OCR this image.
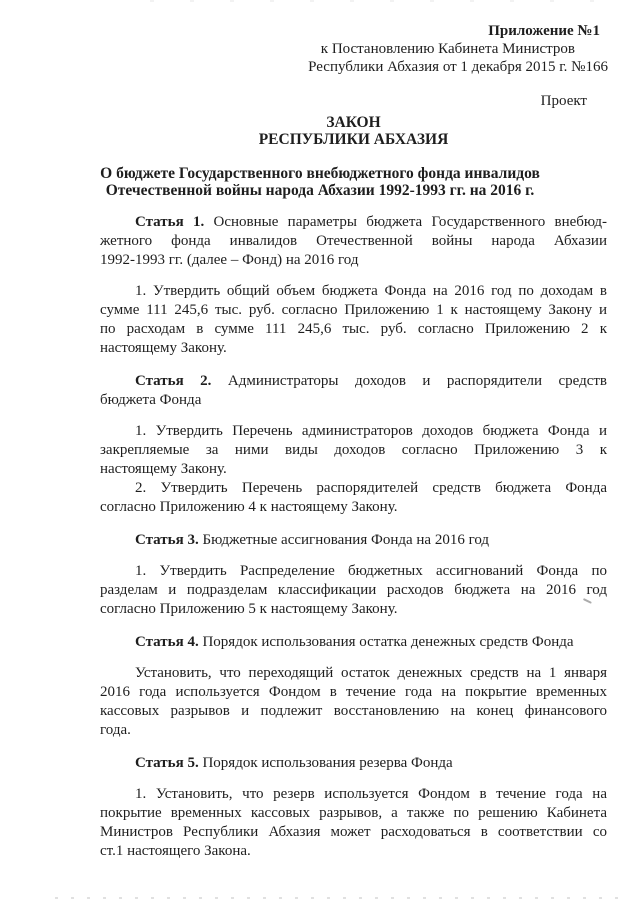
Приложение №1
к Постановлению Кабинета Министров
Республики Абхазия от 1 декабря 2015 г. №166
Проект
ЗАКОН
РЕСПУБЛИКИ АБХАЗИЯ
О бюджете Государственного внебюджетного фонда инвалидов
Отечественной войны народа Абхазии 1992-1993 гг. на 2016 г.
Статья 1. Основные параметры бюджета Государственного внебюд-
жетного фонда инвалидов Отечественной войны народа Абхазии
1992-1993 гг. (далее – Фонд) на 2016 год
1. Утвердить общий объем бюджета Фонда на 2016 год по доходам в
сумме 111 245,6 тыс. руб. согласно Приложению 1 к настоящему Закону и
по расходам в сумме 111 245,6 тыс. руб. согласно Приложению 2 к
настоящему Закону.
Статья 2. Администраторы доходов и распорядители средств
бюджета Фонда
1. Утвердить Перечень администраторов доходов бюджета Фонда и
закрепляемые за ними виды доходов согласно Приложению 3 к
настоящему Закону.
2. Утвердить Перечень распорядителей средств бюджета Фонда
согласно Приложению 4 к настоящему Закону.
Статья 3. Бюджетные ассигнования Фонда на 2016 год
1. Утвердить Распределение бюджетных ассигнований Фонда по
разделам и подразделам классификации расходов бюджета на 2016 год
согласно Приложению 5 к настоящему Закону.
Статья 4. Порядок использования остатка денежных средств Фонда
Установить, что переходящий остаток денежных средств на 1 января
2016 года используется Фондом в течение года на покрытие временных
кассовых разрывов и подлежит восстановлению на конец финансового
года.
Статья 5. Порядок использования резерва Фонда
1. Установить, что резерв используется Фондом в течение года на
покрытие временных кассовых разрывов, а также по решению Кабинета
Министров Республики Абхазия может расходоваться в соответствии со
ст.1 настоящего Закона.
